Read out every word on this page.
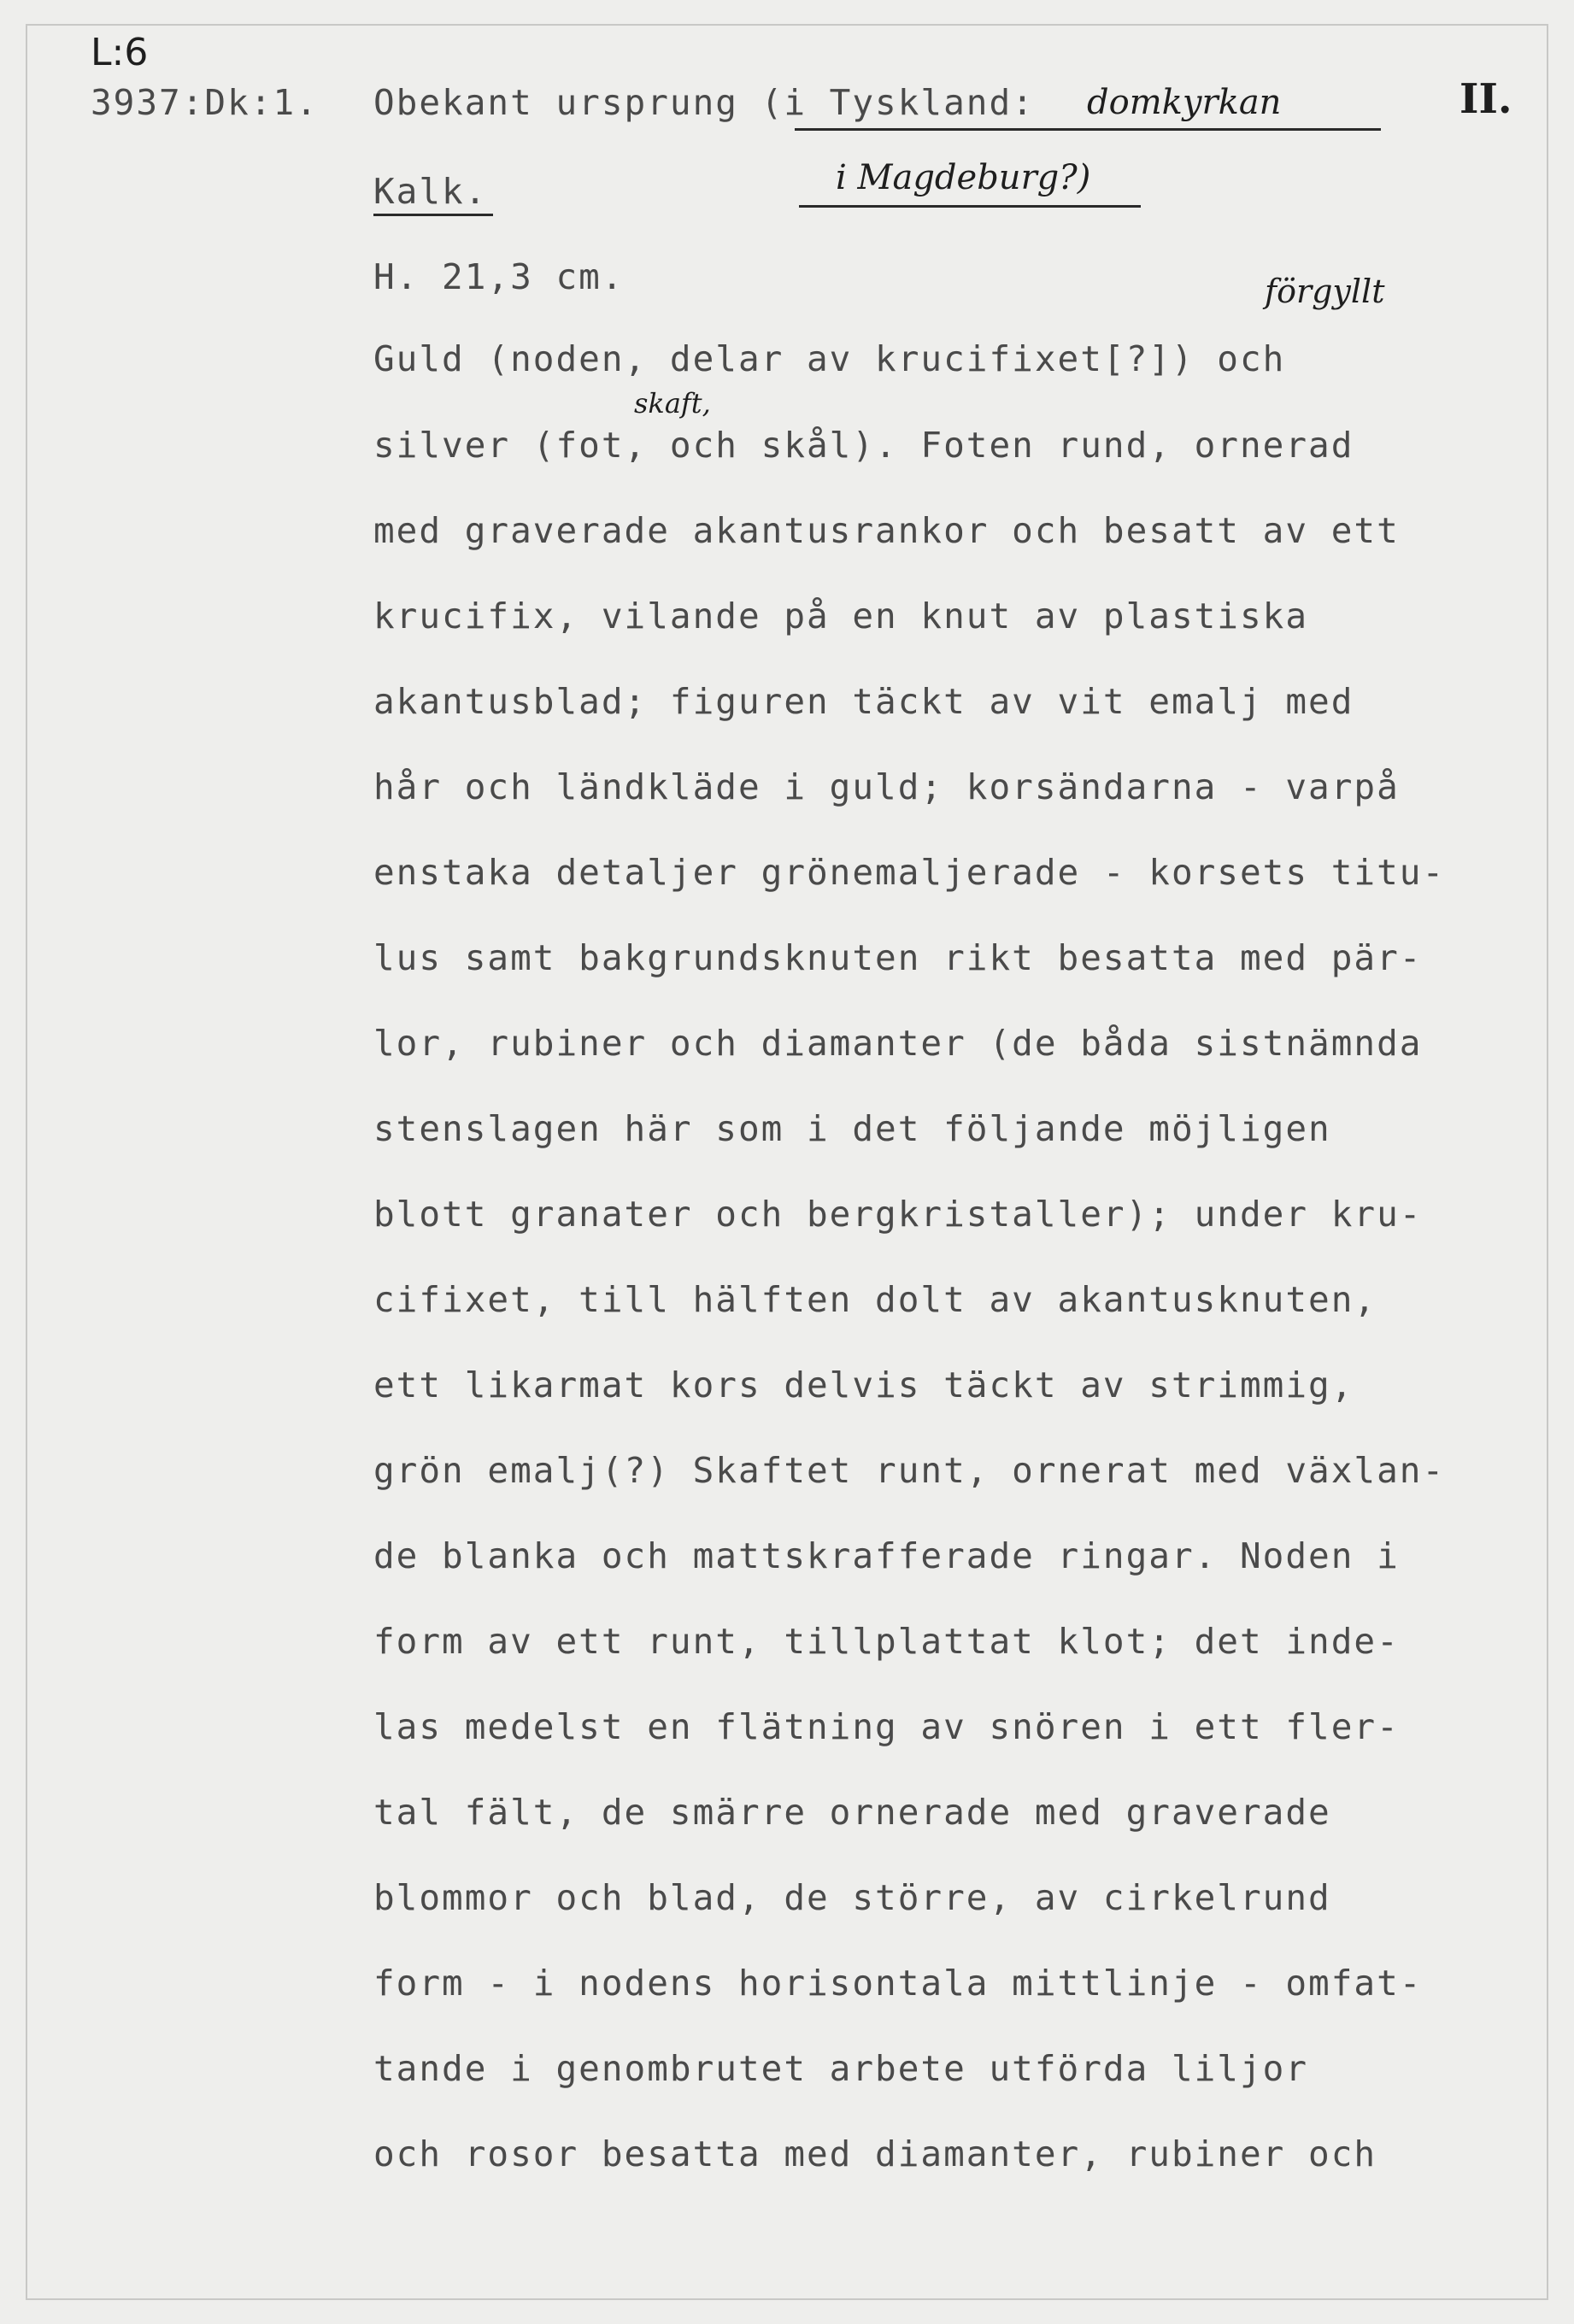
L:6
3937:Dk:1. Obekant ursprung (i Tyskland: domkyrkan	II.
Kalk.	i Magdeburg?)
H. 21,3 cm.	förgyllt
skaft,
Guld (noden, delar av krucifixet[?]) och
silver (fot, och skål). Foten rund, ornerad
med graverade akantusrankor och besatt av ett
krucifix, vilande på en knut av plastiska
akantusblad; figuren täckt av vit emalj med
hår och ländkläde i guld; korsändarna - varpå
enstaka detaljer grönemaljerade - korsets titu-
lus samt bakgrundsknuten rikt besatta med pär-
lor, rubiner och diamanter (de båda sistnämnda
stenslagen här som i det följande möjligen
blott granater och bergkristaller); under kru-
cifixet, till hälften dolt av akantusknuten,
ett likarmat kors delvis täckt av strimmig,
grön emalj(?) Skaftet runt, ornerat med växlan-
de blanka och mattskrafferade ringar. Noden i
form av ett runt, tillplattat klot; det inde-
las medelst en flätning av snören i ett fler-
tal fält, de smärre ornerade med graverade
blommor och blad, de större, av cirkelrund
form - i nodens horisontala mittlinje - omfat-
tande i genombrutet arbete utförda liljor
och rosor besatta med diamanter, rubiner och
